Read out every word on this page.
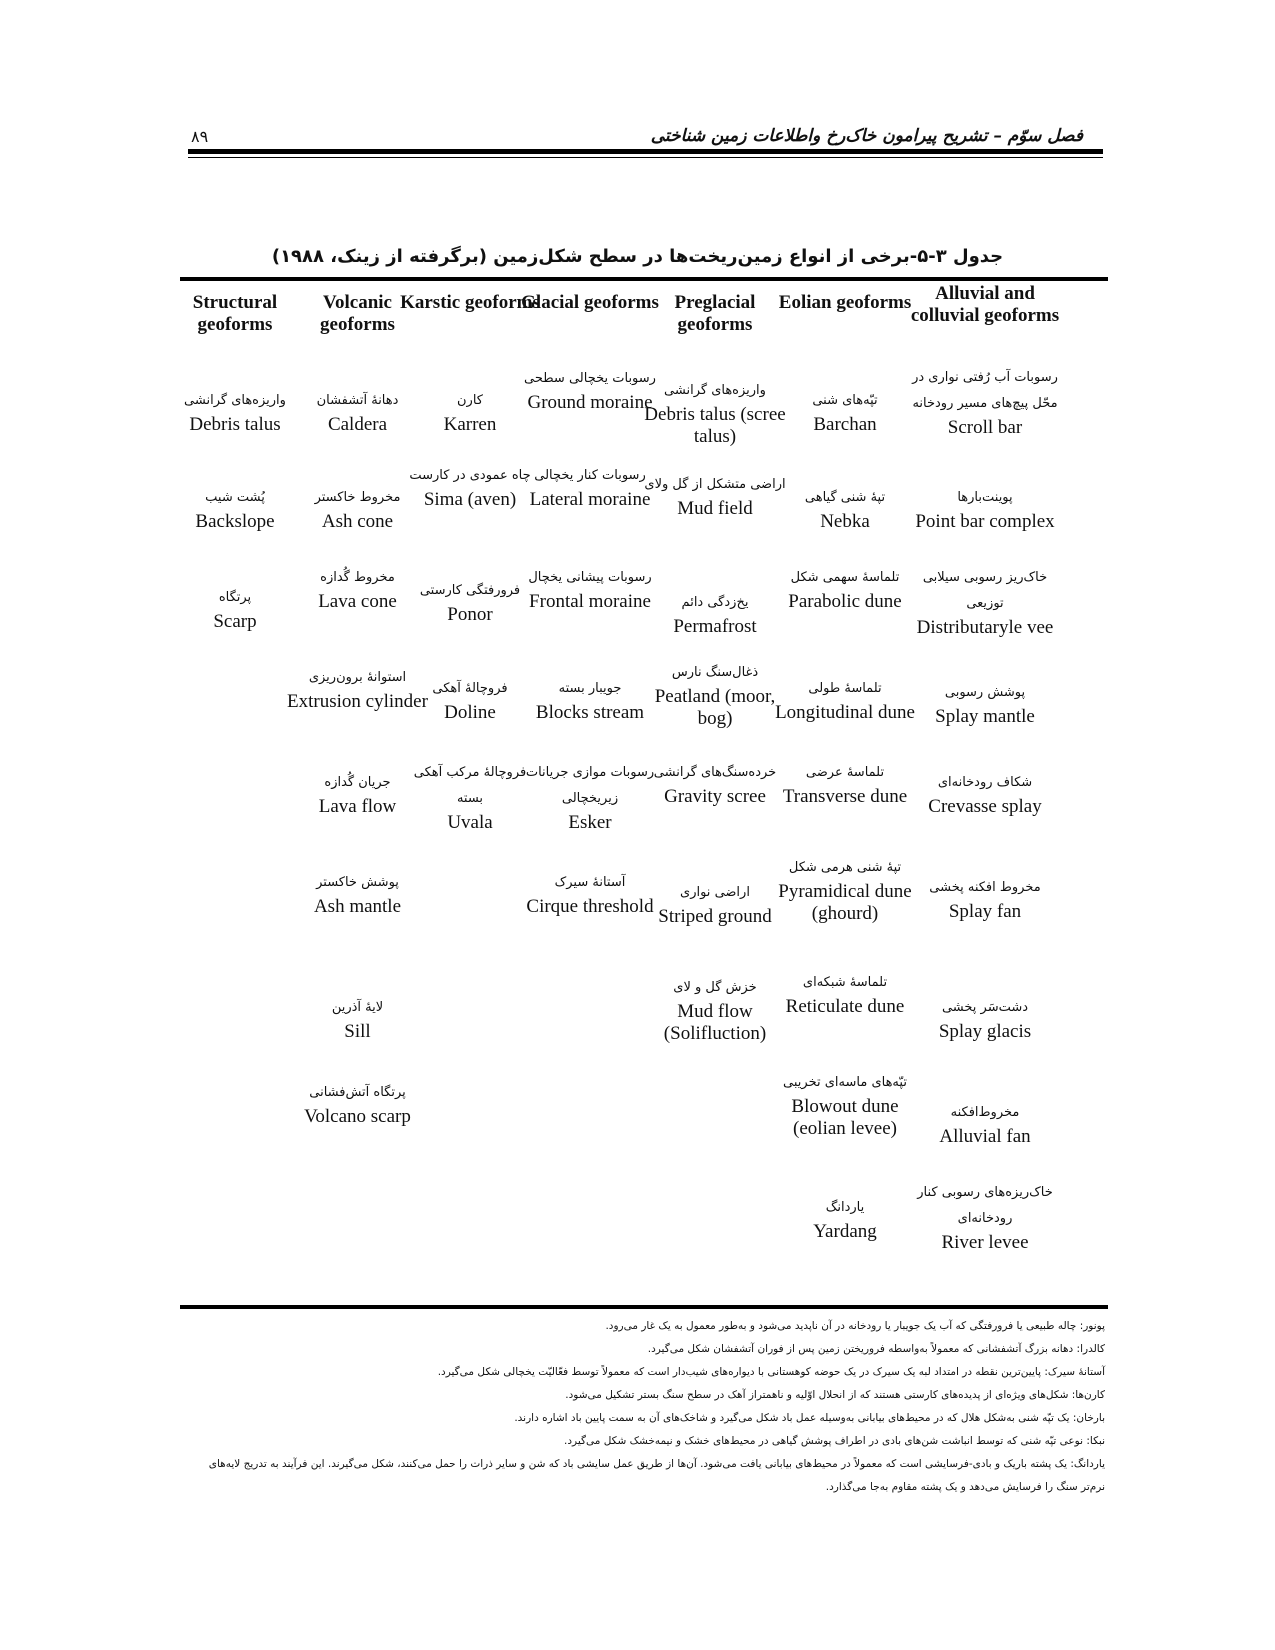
۸۹	فصل سوّم – تشریح پیرامون خاک‌رخ واطلاعات زمین شناختی
جدول ۳-۵-برخی از انواع زمین‌ریخت‌ها در سطح شکل‌زمین (برگرفته از زینک، ۱۹۸۸)
Structural geoforms
واریزه‌های گرانشی
Debris talus
پُشت شیب
Backslope
پرتگاه
Scarp
Volcanic geoforms
دهانهٔ آتشفشان
Caldera
مخروط خاکستر
Ash cone
مخروط گُدازه
Lava cone
استوانهٔ برون‌ریزی
Extrusion cylinder
جریان گُدازه
Lava flow
پوشش خاکستر
Ash mantle
لایهٔ آذرین
Sill
پرتگاه آتش‌فشانی
Volcano scarp
Karstic geoforms
کارن
Karren
چاه عمودی در کارست
Sima (aven)
فرورفتگی کارستی
Ponor
فروچالهٔ آهکی
Doline
فروچالهٔ مرکب آهکی بسته
Uvala
Glacial geoforms
رسوبات یخچالی سطحی
Ground moraine
رسوبات کنار یخچالی
Lateral moraine
رسوبات پیشانی یخچال
Frontal moraine
جویبار بسته
Blocks stream
رسوبات موازی جریانات زیریخچالی
Esker
آستانهٔ سیرک
Cirque threshold
Preglacial geoforms
واریزه‌های گرانشی
Debris talus (scree talus)
اراضی متشکل از گل ولای
Mud field
یخ‌زدگی دائم
Permafrost
ذغال‌سنگ نارس
Peatland (moor, bog)
خرده‌سنگ‌های گرانشی
Gravity scree
اراضی نواری
Striped ground
خزش گل و لای
Mud flow (Solifluction)
Eolian geoforms
تپّه‌های شنی
Barchan
تپهٔ شنی گیاهی
Nebka
تلماسهٔ سهمی شکل
Parabolic dune
تلماسهٔ طولی
Longitudinal dune
تلماسهٔ عرضی
Transverse dune
تپهٔ شنی هرمی شکل
Pyramidical dune (ghourd)
تلماسهٔ شبکه‌ای
Reticulate dune
تپّه‌های ماسه‌ای تخریبی
Blowout dune (eolian levee)
یاردانگ
Yardang
Alluvial and colluvial geoforms
رسوبات آب رُفتی نواری در محّل پیچ‌های مسیر رودخانه
Scroll bar
پوینت‌بارها
Point bar complex
خاک‌ریز رسوبی سیلابی توزیعی
Distributaryle vee
پوشش رسوبی
Splay mantle
شکاف رودخانه‌ای
Crevasse splay
مخروط افکنه پخشی
Splay fan
دشت‌سَر پخشی
Splay glacis
مخروط‌افکنه
Alluvial fan
خاک‌ریزه‌های رسوبی کنار رودخانه‌ای
River levee

پونور: چاله طبیعی یا فرورفتگی که آب یک جویبار یا رودخانه در آن ناپدید می‌شود و به‌طور معمول به یک غار می‌رود.

کالدرا: دهانه بزرگ آتشفشانی که معمولاً به‌واسطه فروریختن زمین پس از فوران آتشفشان شکل می‌گیرد.

آستانهٔ سیرک: پایین‌ترین نقطه در امتداد لبه یک سیرک در یک حوضه کوهستانی با دیواره‌های شیب‌دار است که معمولاً توسط فعّالیّت یخچالی شکل می‌گیرد.

کارن‌ها: شکل‌های ویژه‌ای از پدیده‌های کارستی هستند که از انحلال اوّلیه و ناهمتراز آهک در سطح سنگ بستر تشکیل می‌شود.

بارخان: یک تپّه شنی به‌شکل هلال که در محیط‌های بیابانی به‌وسیله عمل باد شکل می‌گیرد و شاخک‌های آن به سمت پایین باد اشاره دارند.

نبکا: نوعی تپّه شنی که توسط انباشت شن‌های بادی در اطراف پوشش گیاهی در محیط‌های خشک و نیمه‌خشک شکل می‌گیرد.

یاردانگ: یک پشته باریک و بادی-فرسایشی است که معمولاً در محیط‌های بیابانی یافت می‌شود. آن‌ها از طریق عمل سایشی باد که شن و سایر ذرات را حمل می‌کنند، شکل می‌گیرند. این فرآیند به تدریج لایه‌های نرم‌تر سنگ را فرسایش می‌دهد و یک پشته مقاوم به‌جا می‌گذارد.
